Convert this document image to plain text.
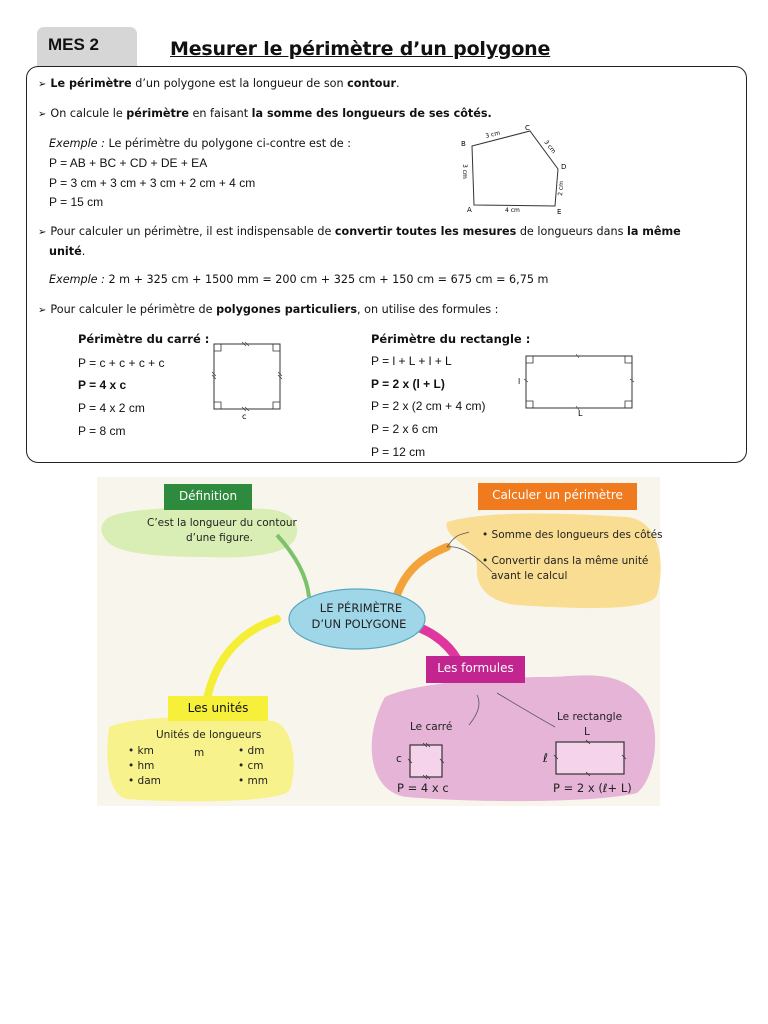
MES 2	Mesurer le périmètre d’un polygone
➢ Le périmètre d’un polygone est la longueur de son contour.
➢ On calcule le périmètre en faisant la somme des longueurs de ses côtés.
Exemple : Le périmètre du polygone ci-contre est de :
P = AB + BC + CD + DE + EA
P = 3 cm + 3 cm + 3 cm + 2 cm + 4 cm
P = 15 cm
B
C
D
E
A
3 cm
3 cm
3 cm
2 cm
4 cm
➢ Pour calculer un périmètre, il est indispensable de convertir toutes les mesures de longueurs dans la même
unité.
Exemple : 2 m + 325 cm + 1500 mm = 200 cm + 325 cm + 150 cm = 675 cm = 6,75 m
➢ Pour calculer le périmètre de polygones particuliers, on utilise des formules :
Périmètre du carré :
P = c + c + c + c
P = 4 x c
P = 4 x 2 cm
P = 8 cm
c
Périmètre du rectangle :
P = l + L + l + L
P = 2 x (l + L)
P = 2 x (2 cm + 4 cm)
P = 2 x 6 cm
P = 12 cm
l
L
LE PÉRIMÈTRE
D’UN POLYGONE
Définition
C’est la longueur du contour
d’une figure.
Calculer un périmètre
• Somme des longueurs des côtés
• Convertir dans la même unité
avant le calcul
Les unités
Unités de longueurs
• km
• hm
• dam
m	• dm
• cm
• mm
Les formules
Le carré
Le rectangle
c
L
ℓ
P = 4 x c	P = 2 x (ℓ+ L)
